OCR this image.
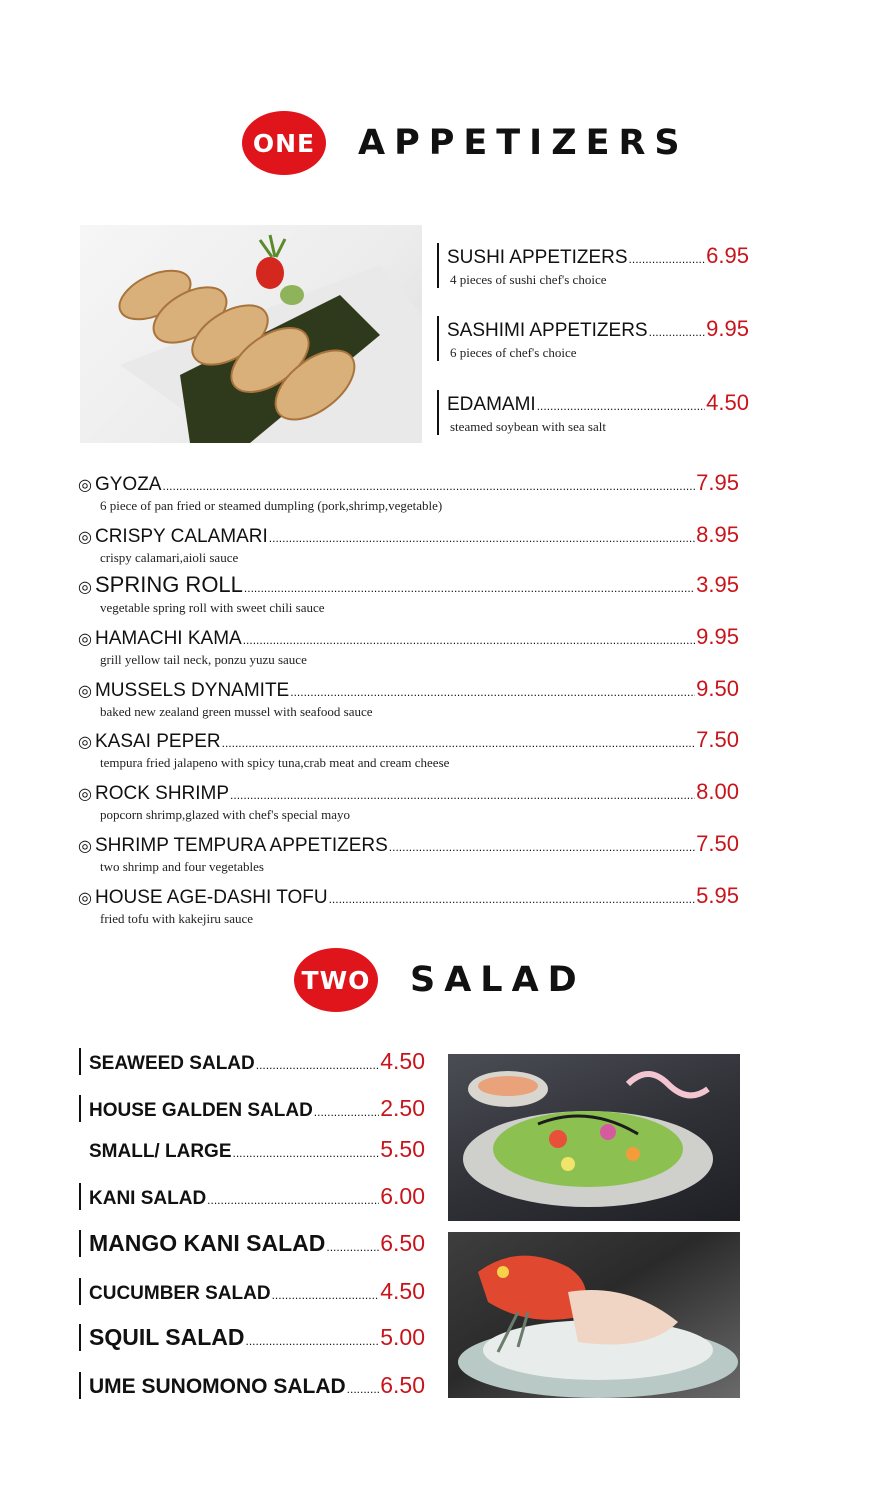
ONE	APPETIZERS
SUSHI APPETIZERS .....	6.95
4 pieces of sushi chef's choice
SASHIMI APPETIZERS .....	9.95
6 pieces of chef's choice
EDAMAMI .....	4.50
steamed soybean with sea salt
◎ GYOZA .....	7.95
6 piece of pan fried or steamed dumpling (pork,shrimp,vegetable)
◎ CRISPY CALAMARI .....	8.95
crispy calamari,aioli sauce
◎ SPRING ROLL .....	3.95
vegetable spring roll with sweet chili sauce
◎ HAMACHI KAMA .....	9.95
grill yellow tail neck, ponzu yuzu sauce
◎ MUSSELS DYNAMITE .....	9.50
baked new zealand green mussel with seafood sauce
◎ KASAI PEPER .....	7.50
tempura fried jalapeno with spicy tuna,crab meat and cream cheese
◎ ROCK SHRIMP .....	8.00
popcorn shrimp,glazed with chef's special mayo
◎ SHRIMP TEMPURA APPETIZERS .....	7.50
two shrimp and four vegetables
◎ HOUSE AGE-DASHI TOFU .....	5.95
fried tofu with kakejiru sauce
TWO SALAD
SEAWEED SALAD .....	4.50
HOUSE GALDEN SALAD .....	2.50
SMALL/ LARGE .....	5.50
KANI SALAD .....	6.00
MANGO KANI SALAD ..... 6.50
CUCUMBER SALAD .....	4.50
SQUIL SALAD .....	5.00
UME SUNOMONO SALAD ..... 6.50
